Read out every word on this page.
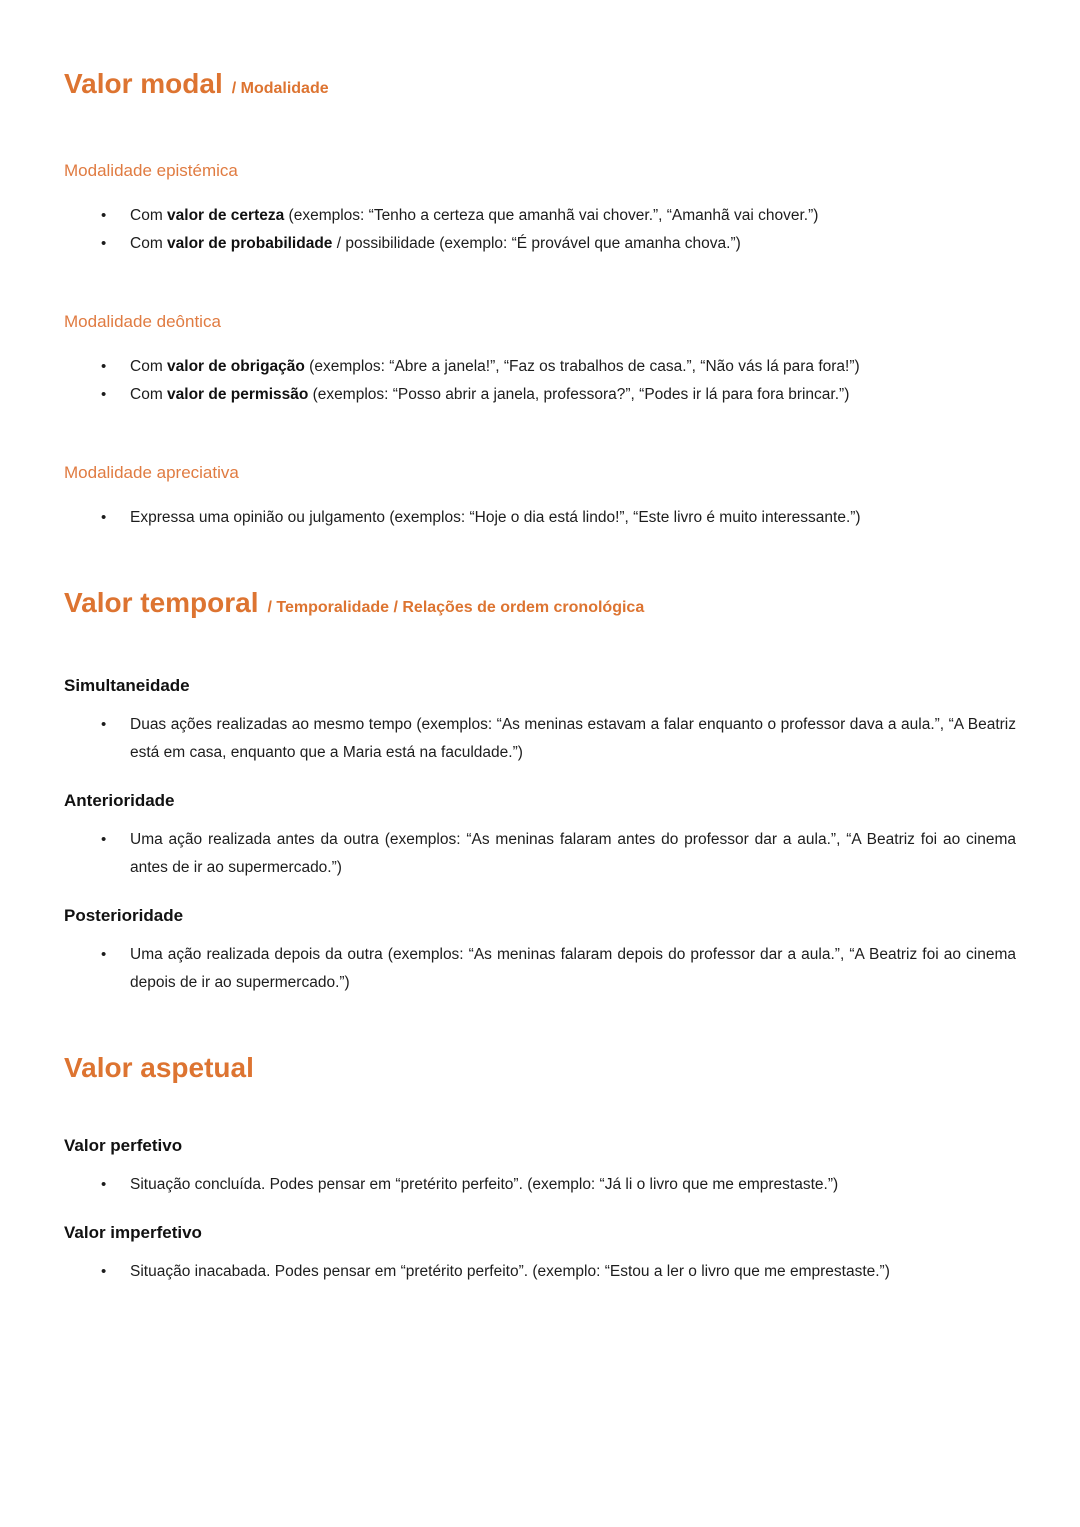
Valor modal / Modalidade
Modalidade epistémica
• Com valor de certeza (exemplos: “Tenho a certeza que amanhã vai chover.”, “Amanhã vai chover.”)
• Com valor de probabilidade / possibilidade (exemplo: “É provável que amanha chova.”)
Modalidade deôntica
• Com valor de obrigação (exemplos: “Abre a janela!”, “Faz os trabalhos de casa.”, “Não vás lá para fora!”)
• Com valor de permissão (exemplos: “Posso abrir a janela, professora?”, “Podes ir lá para fora brincar.”)
Modalidade apreciativa
• Expressa uma opinião ou julgamento (exemplos: “Hoje o dia está lindo!”, “Este livro é muito interessante.”)
Valor temporal / Temporalidade / Relações de ordem cronológica
Simultaneidade
• Duas ações realizadas ao mesmo tempo (exemplos: “As meninas estavam a falar enquanto o professor dava a aula.”, “A Beatriz está em casa, enquanto que a Maria está na faculdade.”)
Anterioridade
• Uma ação realizada antes da outra (exemplos: “As meninas falaram antes do professor dar a aula.”, “A Beatriz foi ao cinema antes de ir ao supermercado.”)
Posterioridade
• Uma ação realizada depois da outra (exemplos: “As meninas falaram depois do professor dar a aula.”, “A Beatriz foi ao cinema depois de ir ao supermercado.”)
Valor aspetual
Valor perfetivo
• Situação concluída. Podes pensar em “pretérito perfeito”. (exemplo: “Já li o livro que me emprestaste.”)
Valor imperfetivo
• Situação inacabada. Podes pensar em “pretérito perfeito”. (exemplo: “Estou a ler o livro que me emprestaste.”)
